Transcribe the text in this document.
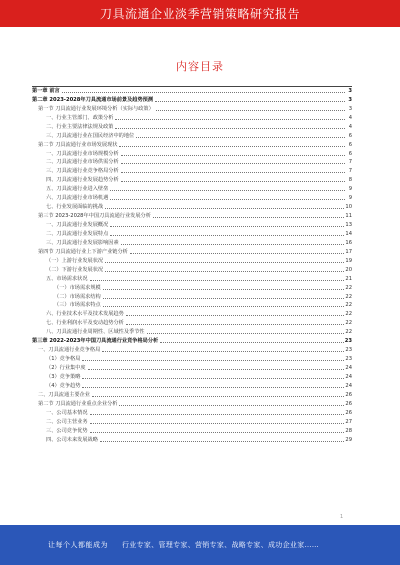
刀具流通企业淡季营销策略研究报告
内容目录
第一章 前言	3
第二章 2023-2028年刀具流通市场前景及趋势预测	3
第一节 刀具流通行业发展环境分析（实际与政策）	3
一、行业主管部门、政策分析	4
二、行业主要法律法规及政策	4
三、刀具流通行业在国民经济中的地位	6
第二节 刀具流通行业市场发展现状	6
一、刀具流通行业市场规模分析	6
二、刀具流通行业市场供需分析	7
三、刀具流通行业竞争格局分析	7
四、刀具流通行业发展趋势分析	8
五、刀具流通行业进入壁垒	9
六、刀具流通行业市场机遇	9
七、行业发展面临的挑战	10
第三节 2023-2028年中国刀具流通行业发展分析	11
一、刀具流通行业发展概况	13
二、刀具流通行业发展特点	14
三、刀具流通行业发展影响因素	16
第四节 刀具流通行业上下游产业链分析	17
（一）上游行业发展状况	19
（二）下游行业发展状况	20
五、市场需求状况	21
（一）市场需求规模	22
（二）市场需求结构	22
（三）市场需求特点	22
六、行业技术水平及技术发展趋势	22
七、行业利润水平及变动趋势分析	22
八、刀具流通行业周期性、区域性及季节性	22
第三章 2022-2023年中国刀具流通行业竞争格局分析	23
一、刀具流通行业竞争格局	23
（1）竞争格局	23
（2）行业集中度	24
（3）竞争策略	24
（4）竞争趋势	24
二、刀具流通主要企业	26
第二节 刀具流通行业重点企业分析	26
一、公司基本情况	26
二、公司主营业务	27
三、公司竞争优势	28
四、公司未来发展战略	29
1
让每个人都能成为 行业专家、管理专家、营销专家、战略专家、成功企业家……
